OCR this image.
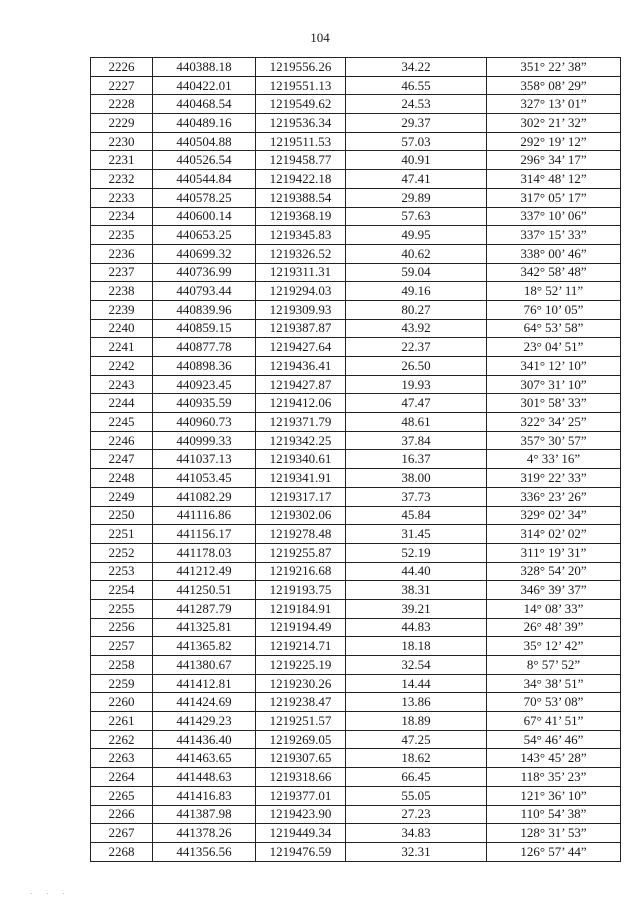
104
2226	440388.18	1219556.26	34.22	351° 22’ 38”
2227	440422.01	1219551.13	46.55	358° 08’ 29”
2228	440468.54	1219549.62	24.53	327° 13’ 01”
2229	440489.16	1219536.34	29.37	302° 21’ 32”
2230	440504.88	1219511.53	57.03	292° 19’ 12”
2231	440526.54	1219458.77	40.91	296° 34’ 17”
2232	440544.84	1219422.18	47.41	314° 48’ 12”
2233	440578.25	1219388.54	29.89	317° 05’ 17”
2234	440600.14	1219368.19	57.63	337° 10’ 06”
2235	440653.25	1219345.83	49.95	337° 15’ 33”
2236	440699.32	1219326.52	40.62	338° 00’ 46”
2237	440736.99	1219311.31	59.04	342° 58’ 48”
2238	440793.44	1219294.03	49.16	18° 52’ 11”
2239	440839.96	1219309.93	80.27	76° 10’ 05”
2240	440859.15	1219387.87	43.92	64° 53’ 58”
2241	440877.78	1219427.64	22.37	23° 04’ 51”
2242	440898.36	1219436.41	26.50	341° 12’ 10”
2243	440923.45	1219427.87	19.93	307° 31’ 10”
2244	440935.59	1219412.06	47.47	301° 58’ 33”
2245	440960.73	1219371.79	48.61	322° 34’ 25”
2246	440999.33	1219342.25	37.84	357° 30’ 57”
2247	441037.13	1219340.61	16.37	4° 33’ 16”
2248	441053.45	1219341.91	38.00	319° 22’ 33”
2249	441082.29	1219317.17	37.73	336° 23’ 26”
2250	441116.86	1219302.06	45.84	329° 02’ 34”
2251	441156.17	1219278.48	31.45	314° 02’ 02”
2252	441178.03	1219255.87	52.19	311° 19’ 31”
2253	441212.49	1219216.68	44.40	328° 54’ 20”
2254	441250.51	1219193.75	38.31	346° 39’ 37”
2255	441287.79	1219184.91	39.21	14° 08’ 33”
2256	441325.81	1219194.49	44.83	26° 48’ 39”
2257	441365.82	1219214.71	18.18	35° 12’ 42”
2258	441380.67	1219225.19	32.54	8° 57’ 52”
2259	441412.81	1219230.26	14.44	34° 38’ 51”
2260	441424.69	1219238.47	13.86	70° 53’ 08”
2261	441429.23	1219251.57	18.89	67° 41’ 51”
2262	441436.40	1219269.05	47.25	54° 46’ 46”
2263	441463.65	1219307.65	18.62	143° 45’ 28”
2264	441448.63	1219318.66	66.45	118° 35’ 23”
2265	441416.83	1219377.01	55.05	121° 36’ 10”
2266	441387.98	1219423.90	27.23	110° 54’ 38”
2267	441378.26	1219449.34	34.83	128° 31’ 53”
2268	441356.56	1219476.59	32.31	126° 57’ 44”
· · ·
